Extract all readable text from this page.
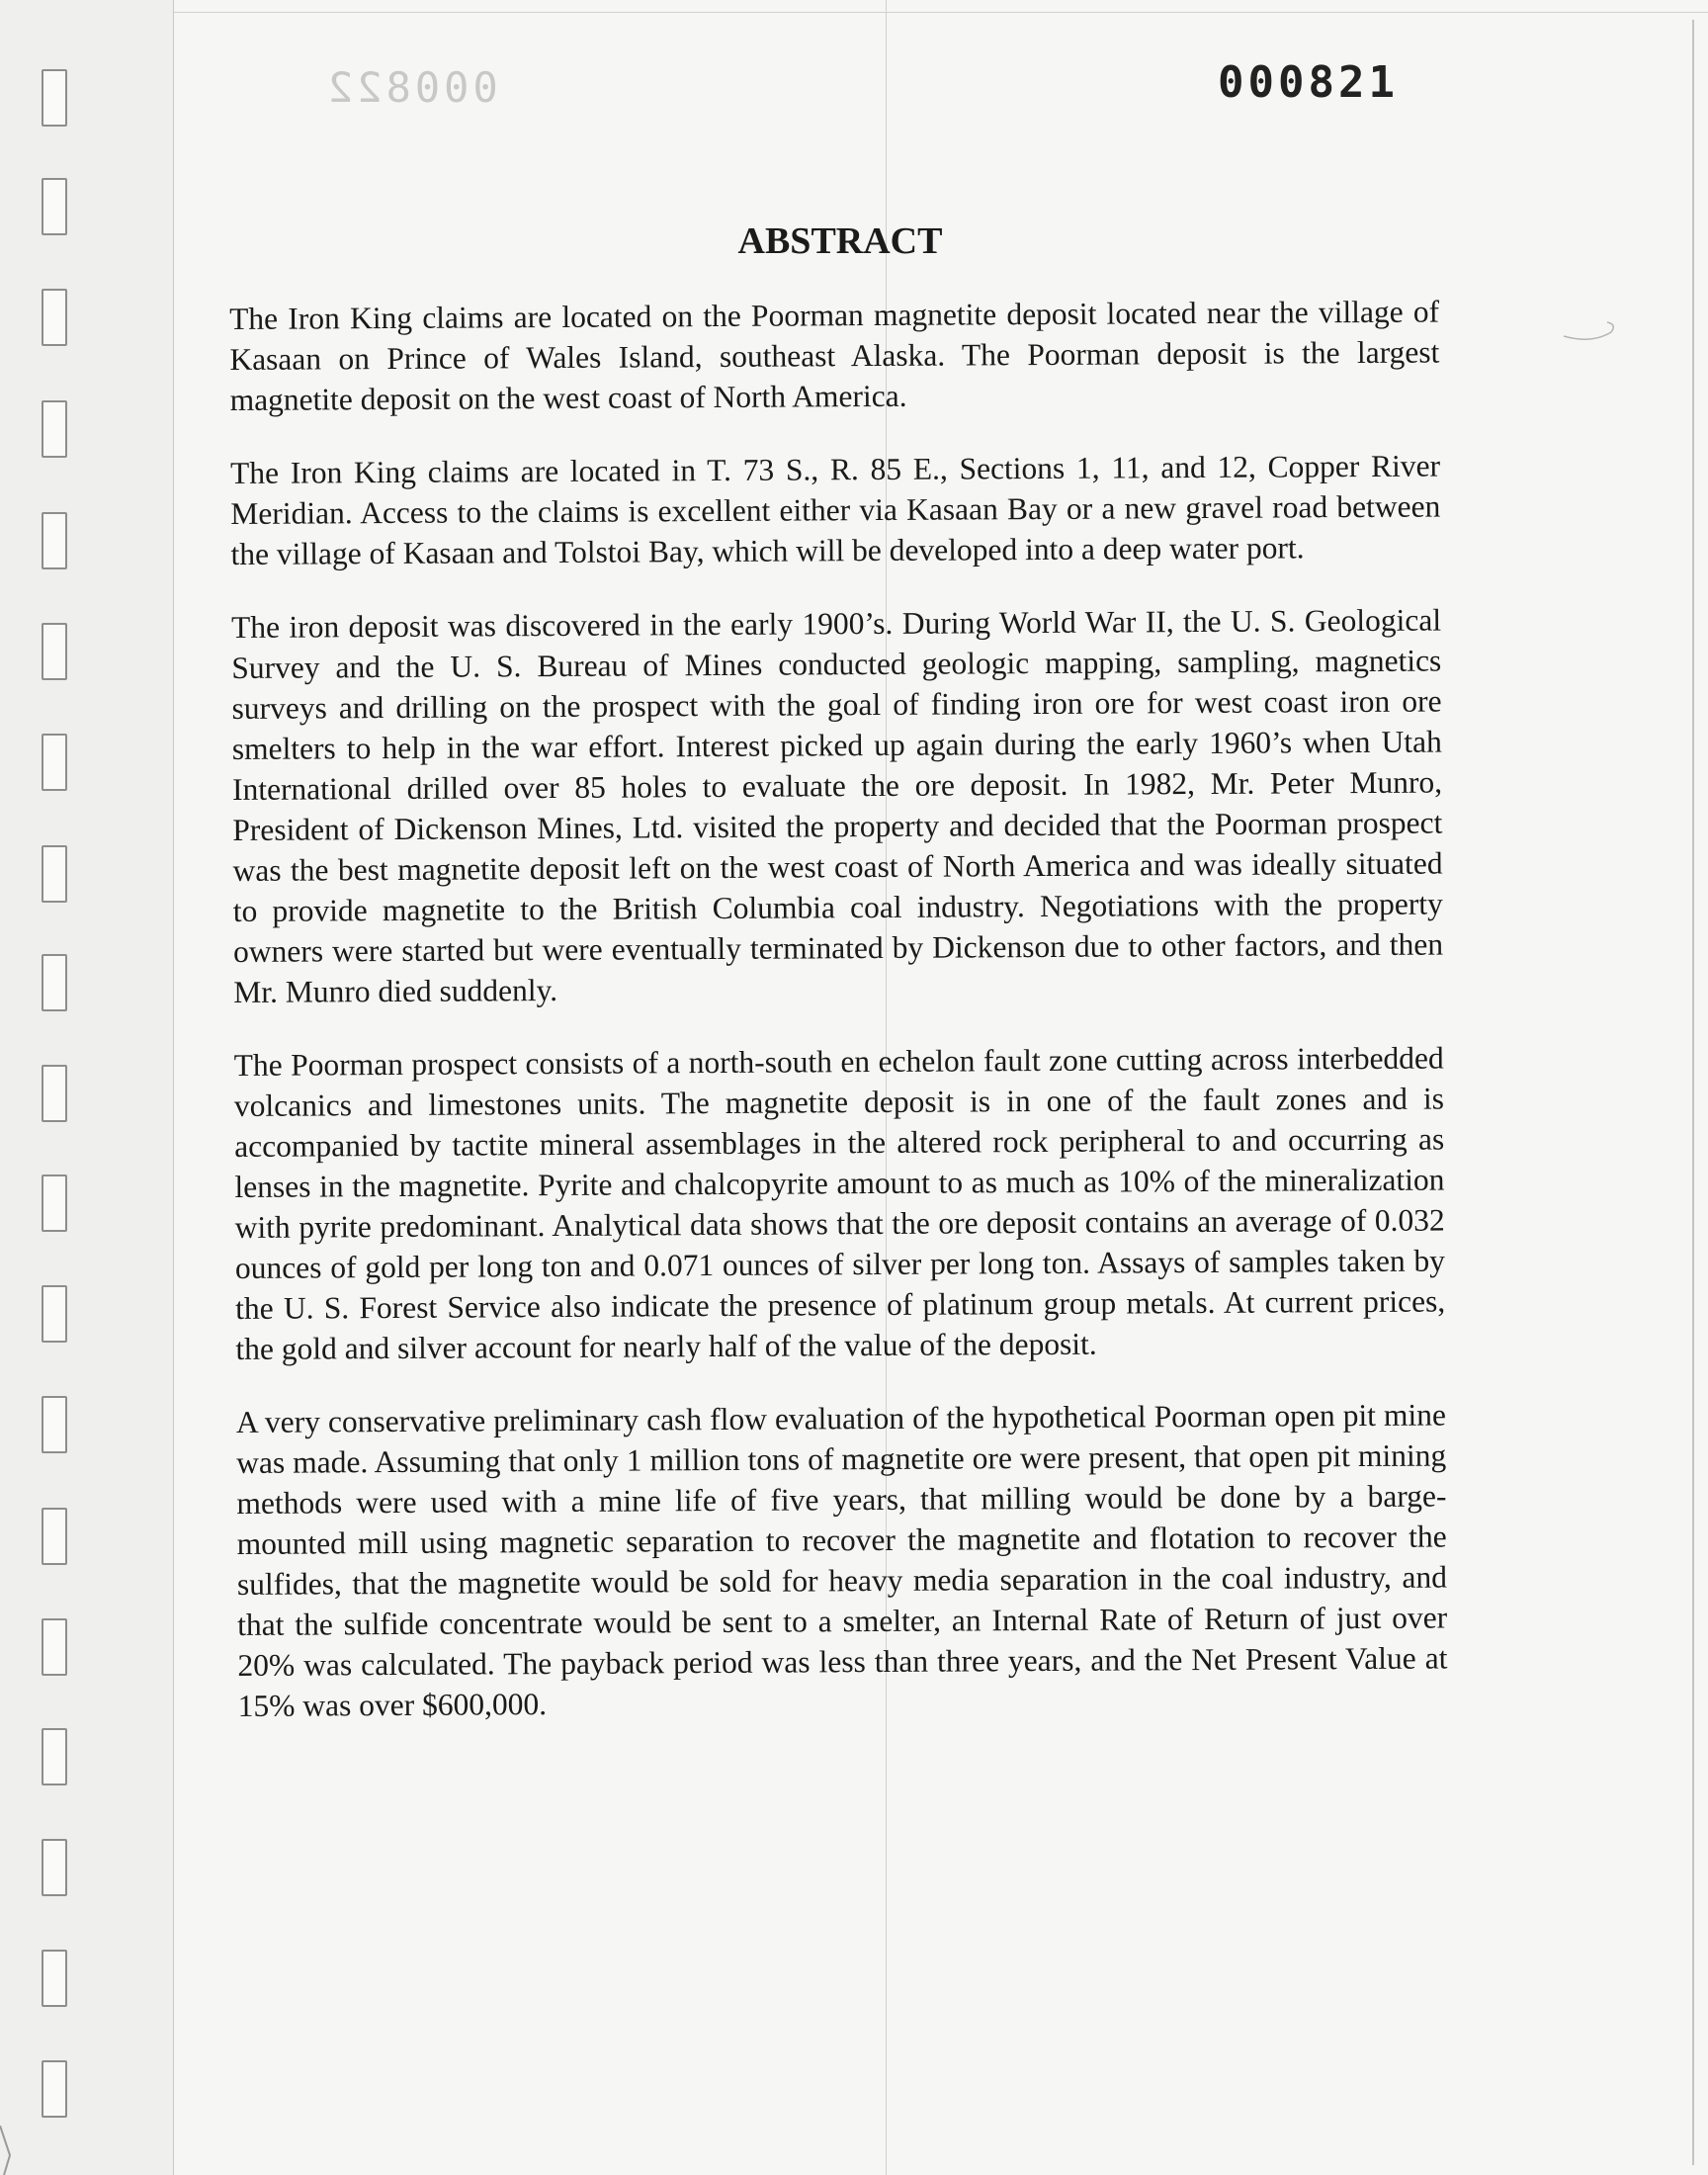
000822	000821
ABSTRACT

The Iron King claims are located on the Poorman magnetite deposit located near the village of Kasaan on Prince of Wales Island, southeast Alaska. The Poorman deposit is the largest magnetite deposit on the west coast of North America.

The Iron King claims are located in T. 73 S., R. 85 E., Sections 1, 11, and 12, Copper River Meridian. Access to the claims is excellent either via Kasaan Bay or a new gravel road between the village of Kasaan and Tolstoi Bay, which will be developed into a deep water port.

The iron deposit was discovered in the early 1900’s. During World War II, the U. S. Geological Survey and the U. S. Bureau of Mines conducted geologic mapping, sampling, magnetics surveys and drilling on the prospect with the goal of finding iron ore for west coast iron ore smelters to help in the war effort. Interest picked up again during the early 1960’s when Utah International drilled over 85 holes to evaluate the ore deposit. In 1982, Mr. Peter Munro, President of Dickenson Mines, Ltd. visited the property and decided that the Poorman prospect was the best magnetite deposit left on the west coast of North America and was ideally situated to provide magnetite to the British Columbia coal industry. Negotiations with the property owners were started but were eventually terminated by Dickenson due to other factors, and then Mr. Munro died suddenly.

The Poorman prospect consists of a north-south en echelon fault zone cutting across interbedded volcanics and limestones units. The magnetite deposit is in one of the fault zones and is accompanied by tactite mineral assemblages in the altered rock peripheral to and occurring as lenses in the magnetite. Pyrite and chalcopyrite amount to as much as 10% of the mineralization with pyrite predominant. Analytical data shows that the ore deposit contains an average of 0.032 ounces of gold per long ton and 0.071 ounces of silver per long ton. Assays of samples taken by the U. S. Forest Service also indicate the presence of platinum group metals. At current prices, the gold and silver account for nearly half of the value of the deposit.

A very conservative preliminary cash flow evaluation of the hypothetical Poorman open pit mine was made. Assuming that only 1 million tons of magnetite ore were present, that open pit mining methods were used with a mine life of five years, that milling would be done by a barge-mounted mill using magnetic separation to recover the magnetite and flotation to recover the sulfides, that the magnetite would be sold for heavy media separation in the coal industry, and that the sulfide concentrate would be sent to a smelter, an Internal Rate of Return of just over 20% was calculated. The payback period was less than three years, and the Net Present Value at 15% was over $600,000.
